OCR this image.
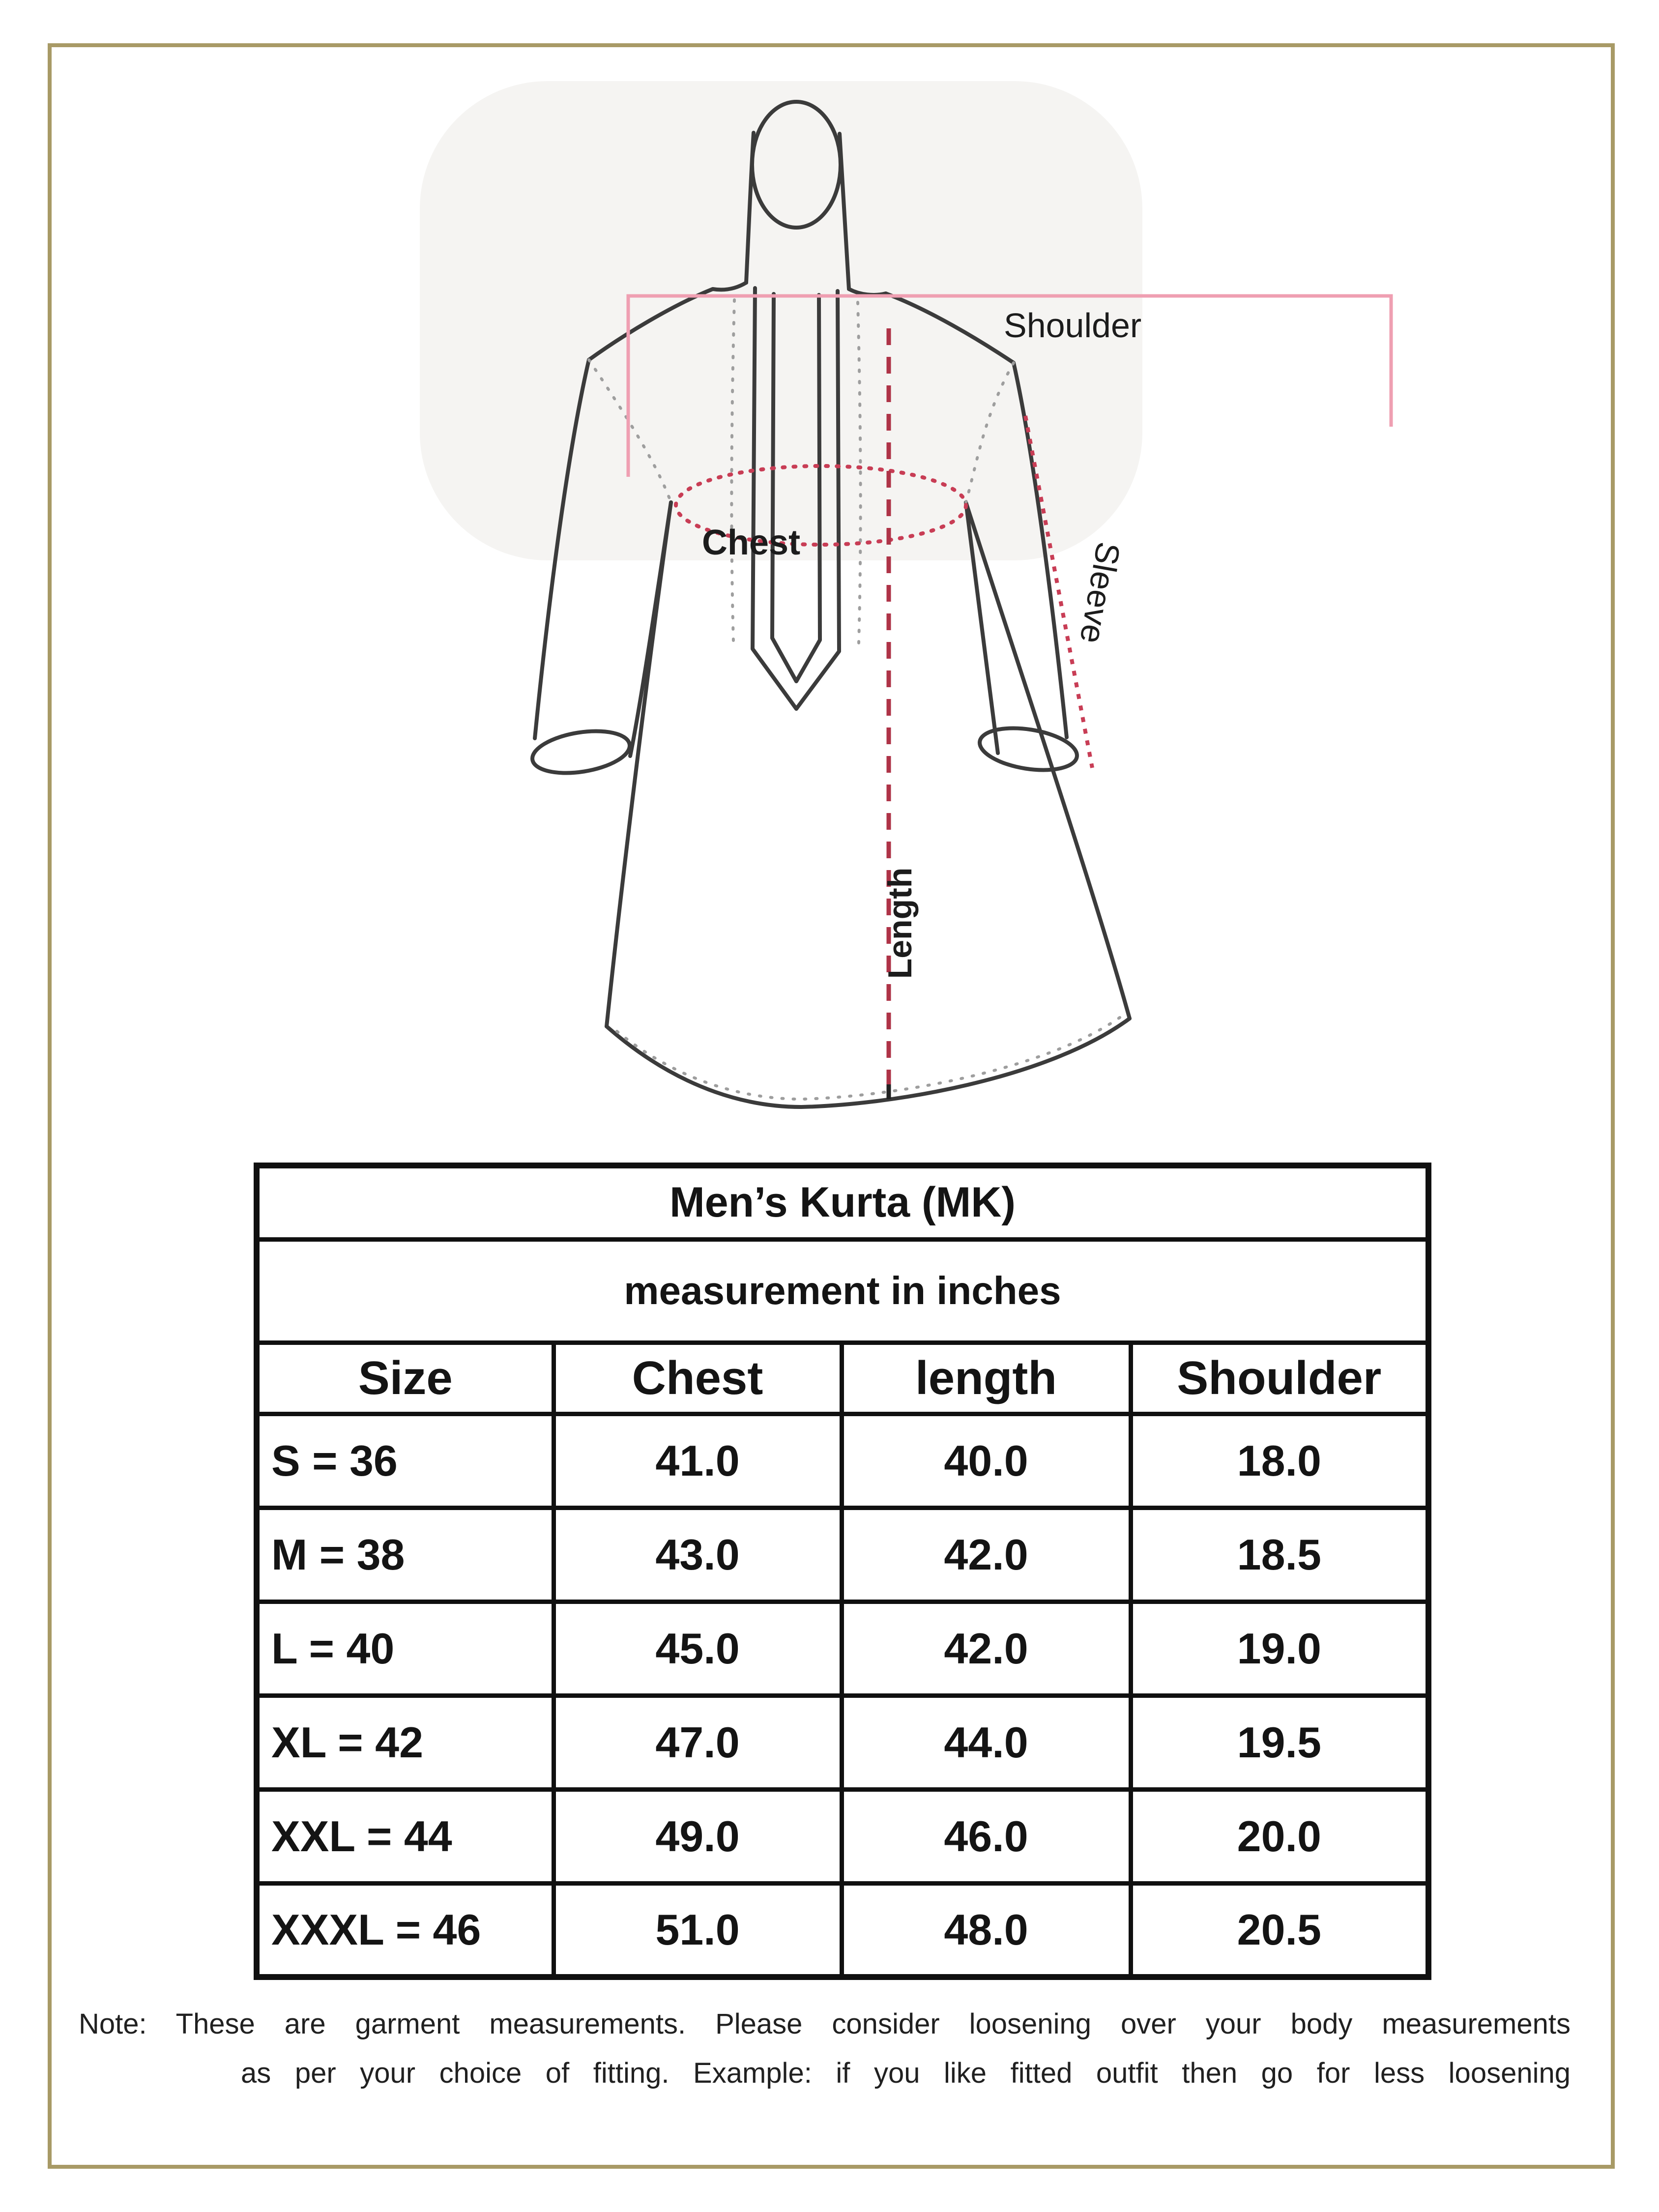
Shoulder
Chest	Sleeve
Length
Men’s Kurta (MK)			
measurement in inches			
Size	Chest	length	Shoulder
S = 36	41.0	40.0	18.0
M = 38	43.0	42.0	18.5
L = 40	45.0	42.0	19.0
XL = 42	47.0	44.0	19.5
XXL = 44	49.0	46.0	20.0
XXXL = 46	51.0	48.0	20.5
Note: These are garment measurements. Please consider loosening over your body measurements
as per your choice of fitting. Example: if you like fitted outfit then go for less loosening
